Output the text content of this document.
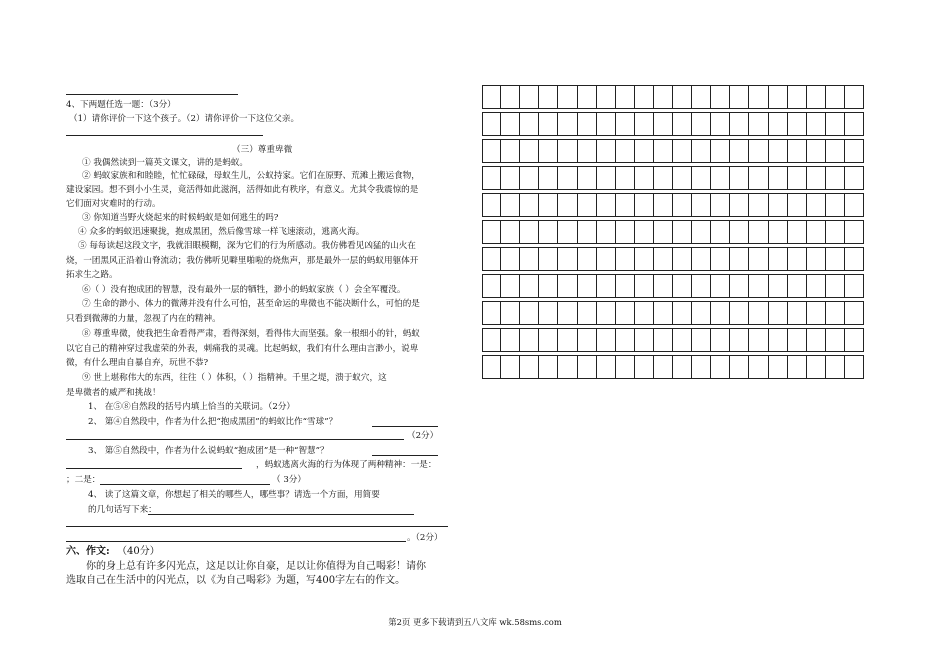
4、下两题任选一题：（3分）
（1）请你评价一下这个孩子。（2）请你评价一下这位父亲。
（三）尊重卑微
① 我偶然读到一篇英文课文，讲的是蚂蚁。
② 蚂蚁家族和和睦睦，忙忙碌碌，母蚁生儿，公蚁持家。它们在原野、荒滩上搬运食物，
建设家园。想不到小小生灵，竟活得如此滋润，活得如此有秩序，有意义。尤其令我震惊的是
它们面对灾难时的行动。
③ 你知道当野火烧起来的时候蚂蚁是如何逃生的吗?
④ 众多的蚂蚁迅速聚拢，抱成黑团，然后像雪球一样飞速滚动，逃离火海。
⑤ 每每读起这段文字，我就泪眼模糊，深为它们的行为所感动。我仿佛看见凶猛的山火在
烧，一团黑风正沿着山脊流动；我仿佛听见噼里啪啦的烧焦声，那是最外一层的蚂蚁用躯体开
拓求生之路。
⑥（ ）没有抱成团的智慧，没有最外一层的牺牲，渺小的蚂蚁家族（ ）会全军覆没。
⑦ 生命的渺小、体力的微薄并没有什么可怕，甚至命运的卑微也不能决断什么，可怕的是
只看到微薄的力量，忽视了内在的精神。
⑧ 尊重卑微，使我把生命看得严肃，看得深刻，看得伟大而坚强。象一根细小的针，蚂蚁
以它自己的精神穿过我虚荣的外表，刺痛我的灵魂。比起蚂蚁，我们有什么理由言渺小，说卑
微，有什么理由自暴自弃，玩世不恭?
⑨ 世上堪称伟大的东西，往往（ ）体积，（ ）指精神。千里之堤，溃于蚁穴，这
是卑微者的威严和挑战！
1、 在⑤⑧自然段的括号内填上恰当的关联词。（2分）
2、 第④自然段中，作者为什么把“抱成黑团”的蚂蚁比作“雪球”？
（2分）
3、 第⑤自然段中，作者为什么说蚂蚁“抱成团”是一种“智慧”？
，蚂蚁逃离火海的行为体现了两种精神：一是：
；二是：	（ 3分）
4、 读了这篇文章，你想起了相关的哪些人，哪些事？请选一个方面，用简要
的几句话写下来：
。（2分）
六、作文: （40分）
你的身上总有许多闪光点，这足以让你自豪，足以让你值得为自己喝彩！请你
选取自己在生活中的闪光点，以《为自己喝彩》为题，写400字左右的作文。
第2页 更多下载请到五八文库 wk.58sms.com
